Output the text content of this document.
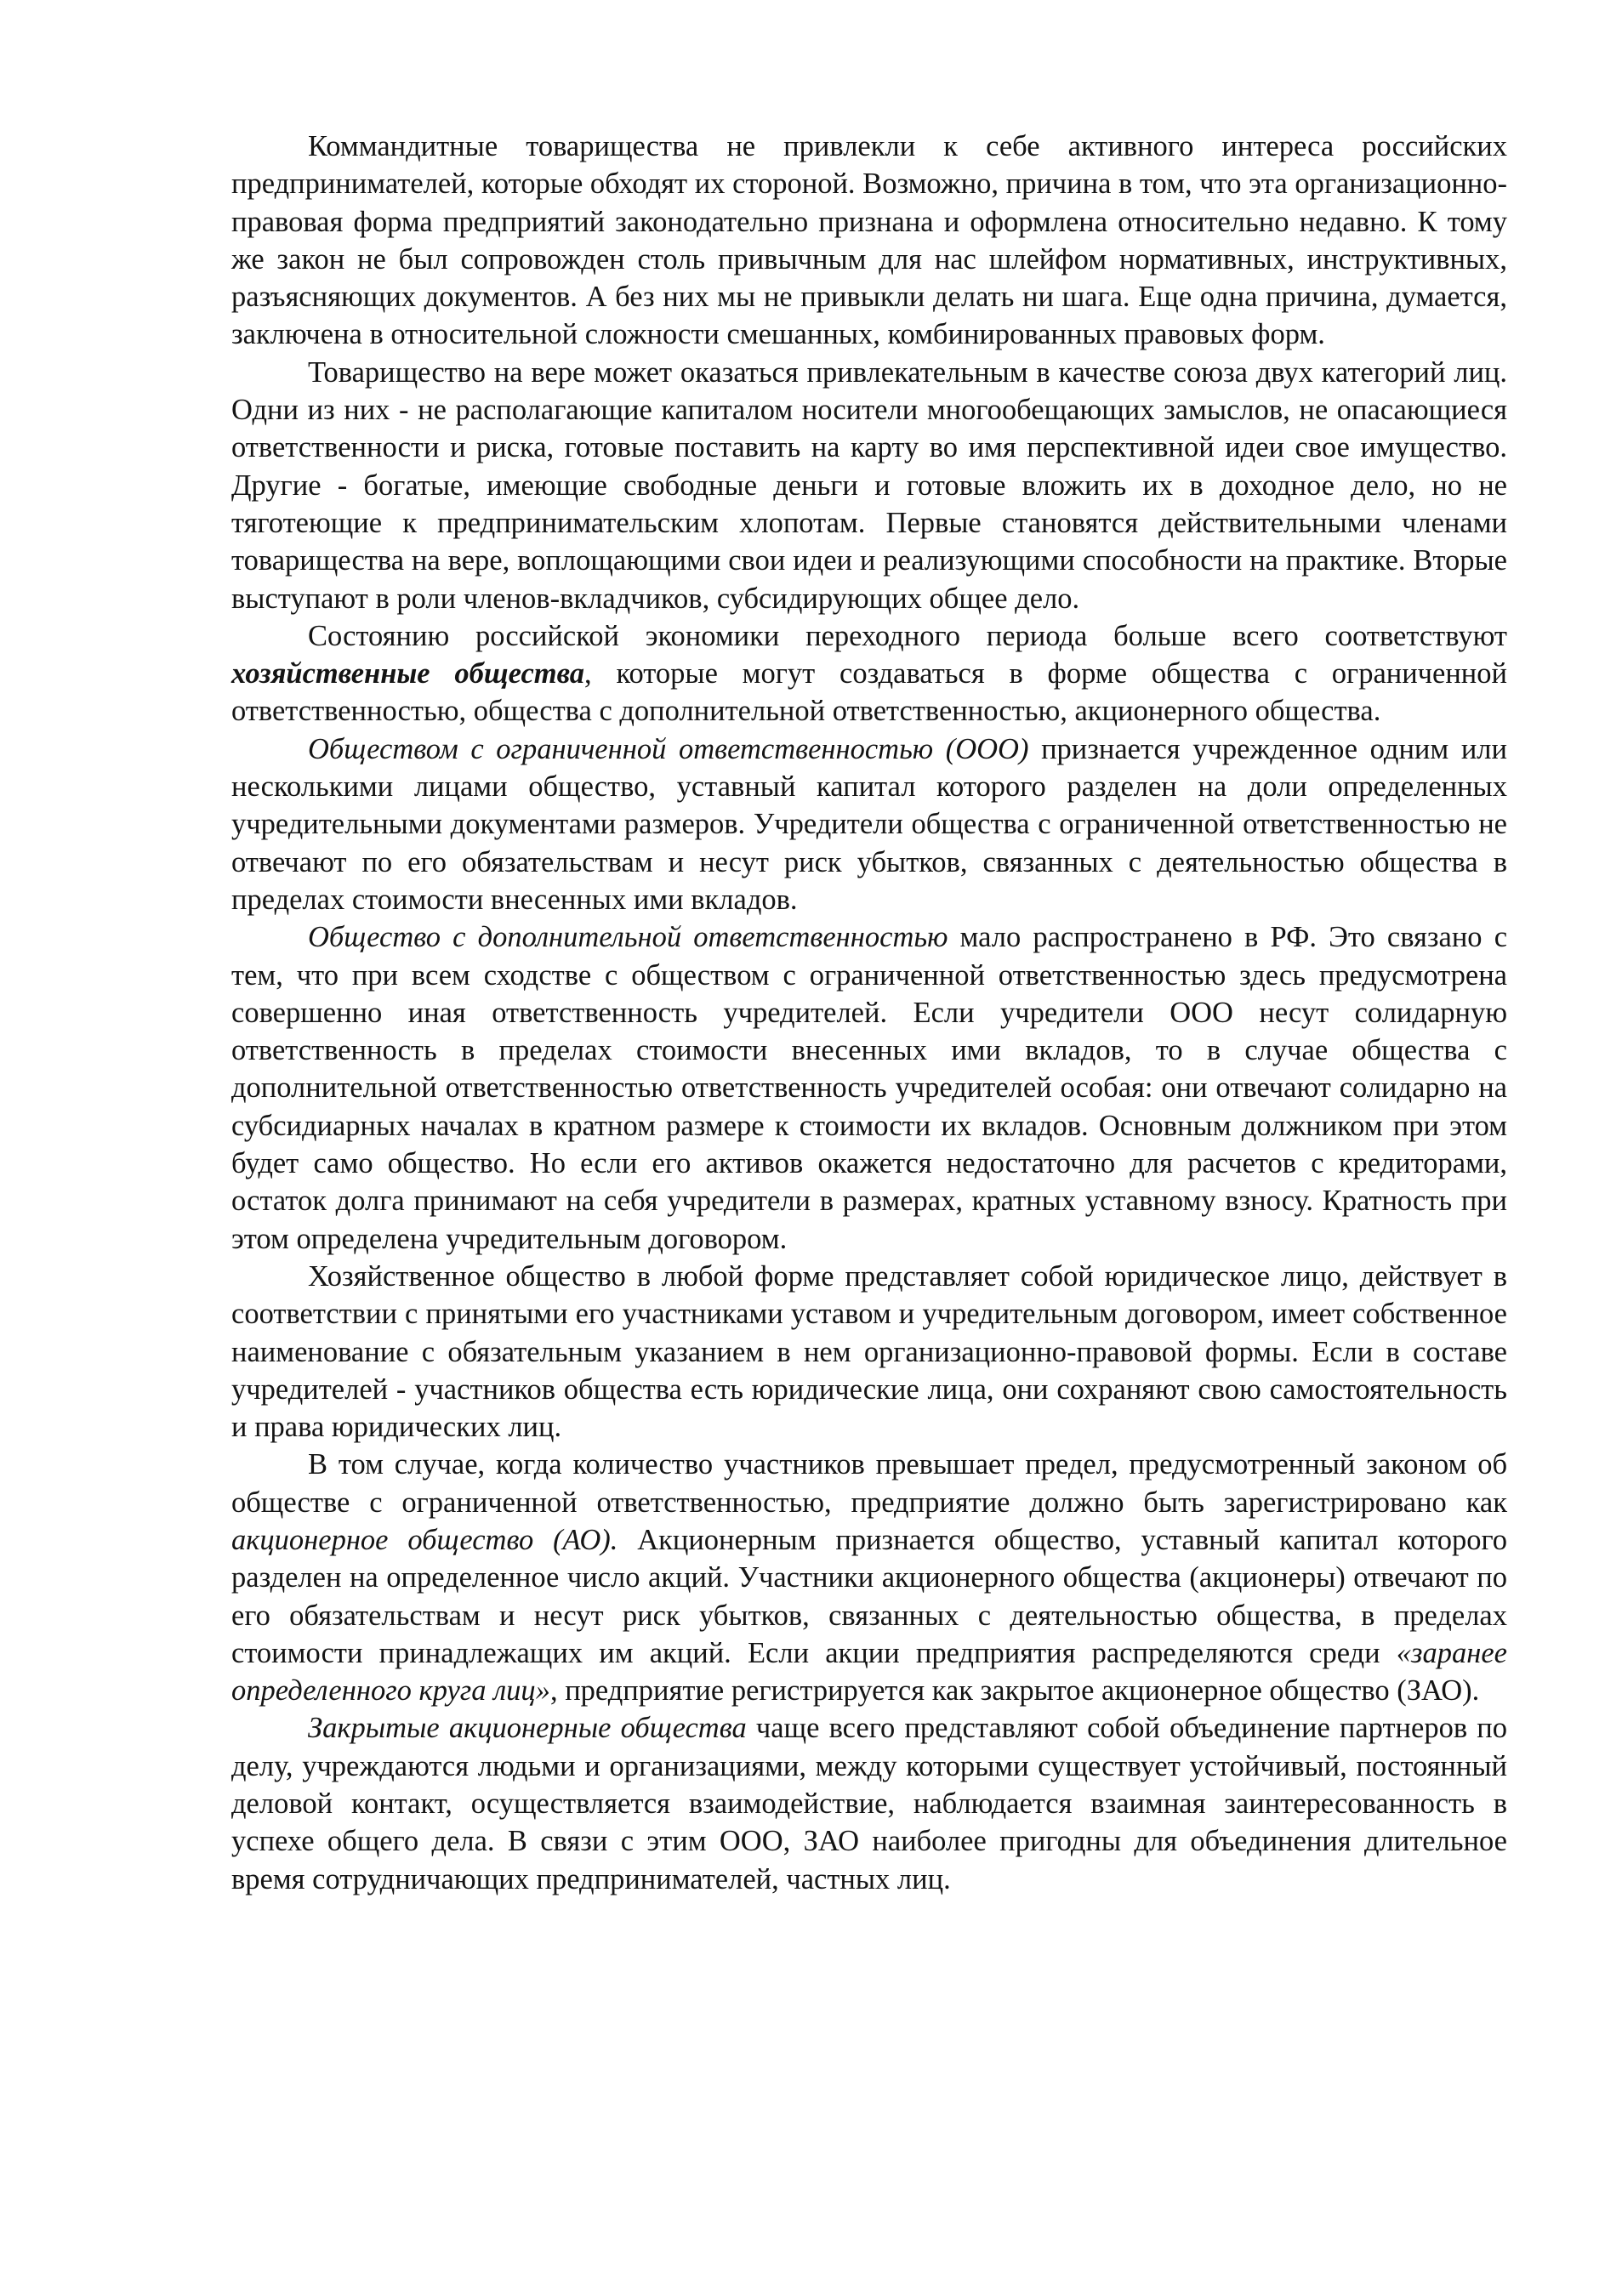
Коммандитные товарищества не привлекли к себе активного интереса российских предпринимателей, которые обходят их стороной. Возможно, причина в том, что эта организационно-правовая форма предприятий законодательно признана и оформлена относительно недавно. К тому же закон не был сопровожден столь привычным для нас шлейфом нормативных, инструктивных, разъясняющих документов. А без них мы не привыкли делать ни шага. Еще одна причина, думается, заключена в относительной сложности смешанных, комбинированных правовых форм.

Товарищество на вере может оказаться привлекательным в качестве союза двух категорий лиц. Одни из них - не располагающие капиталом носители многообещающих замыслов, не опасающиеся ответственности и риска, готовые поставить на карту во имя перспективной идеи свое имущество. Другие - богатые, имеющие свободные деньги и готовые вложить их в доходное дело, но не тяготеющие к предпринимательским хлопотам. Первые становятся действительными членами товарищества на вере, воплощающими свои идеи и реализующими способности на практике. Вторые выступают в роли членов-вкладчиков, субсидирующих общее дело.

Состоянию российской экономики переходного периода больше всего соответствуют хозяйственные общества, которые могут создаваться в форме общества с ограниченной ответственностью, общества с дополнительной ответственностью, акционерного общества.

Обществом с ограниченной ответственностью (ООО) признается учрежденное одним или несколькими лицами общество, уставный капитал которого разделен на доли определенных учредительными документами размеров. Учредители общества с ограниченной ответственностью не отвечают по его обязательствам и несут риск убытков, связанных с деятельностью общества в пределах стоимости внесенных ими вкладов.

Общество с дополнительной ответственностью мало распространено в РФ. Это связано с тем, что при всем сходстве с обществом с ограниченной ответственностью здесь предусмотрена совершенно иная ответственность учредителей. Если учредители ООО несут солидарную ответственность в пределах стоимости внесенных ими вкладов, то в случае общества с дополнительной ответственностью ответственность учредителей особая: они отвечают солидарно на субсидиарных началах в кратном размере к стоимости их вкладов. Основным должником при этом будет само общество. Но если его активов окажется недостаточно для расчетов с кредиторами, остаток долга принимают на себя учредители в размерах, кратных уставному взносу. Кратность при этом определена учредительным договором.

Хозяйственное общество в любой форме представляет собой юридическое лицо, действует в соответствии с принятыми его участниками уставом и учредительным договором, имеет собственное наименование с обязательным указанием в нем организационно-правовой формы. Если в составе учредителей - участников общества есть юридические лица, они сохраняют свою самостоятельность и права юридических лиц.

В том случае, когда количество участников превышает предел, предусмотренный законом об обществе с ограниченной ответственностью, предприятие должно быть зарегистрировано как акционерное общество (АО). Акционерным признается общество, уставный капитал которого разделен на определенное число акций. Участники акционерного общества (акционеры) отвечают по его обязательствам и несут риск убытков, связанных с деятельностью общества, в пределах стоимости принадлежащих им акций. Если акции предприятия распределяются среди «заранее определенного круга лиц», предприятие регистрируется как закрытое акционерное общество (ЗАО).

Закрытые акционерные общества чаще всего представляют собой объединение партнеров по делу, учреждаются людьми и организациями, между которыми существует устойчивый, постоянный деловой контакт, осуществляется взаимодействие, наблюдается взаимная заинтересованность в успехе общего дела. В связи с этим ООО, ЗАО наиболее пригодны для объединения длительное время сотрудничающих предпринимателей, частных лиц.
